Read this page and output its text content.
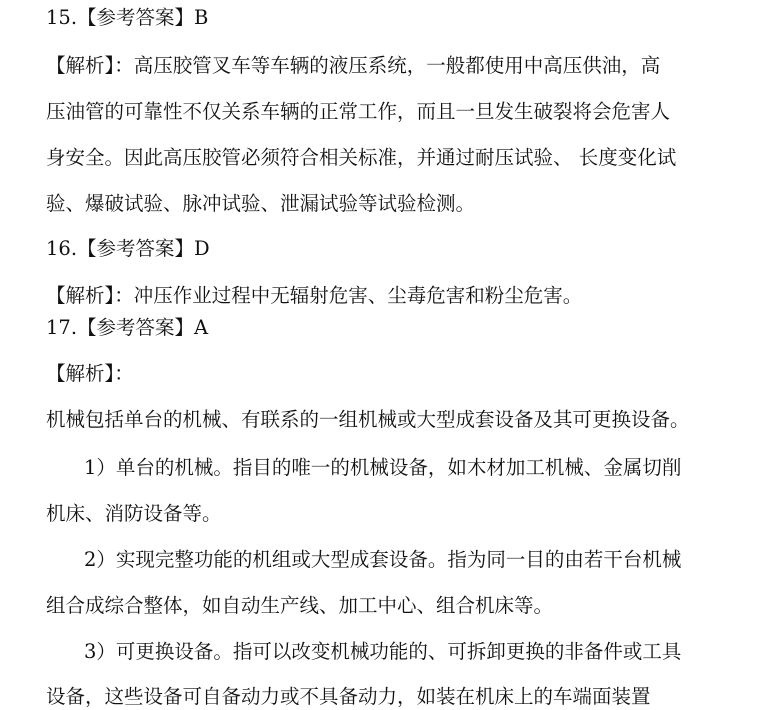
15.【参考答案】B
【解析】：高压胶管叉车等车辆的液压系统，一般都使用中高压供油，高
压油管的可靠性不仅关系车辆的正常工作，而且一旦发生破裂将会危害人
身安全。因此高压胶管必须符合相关标准，并通过耐压试验、 长度变化试
验、爆破试验、脉冲试验、泄漏试验等试验检测。
16.【参考答案】D
【解析】：冲压作业过程中无辐射危害、尘毒危害和粉尘危害。
17.【参考答案】A
【解析】：
机械包括单台的机械、有联系的一组机械或大型成套设备及其可更换设备。
1）单台的机械。指目的唯一的机械设备，如木材加工机械、金属切削
机床、消防设备等。
2）实现完整功能的机组或大型成套设备。指为同一目的由若干台机械
组合成综合整体，如自动生产线、加工中心、组合机床等。
3）可更换设备。指可以改变机械功能的、可拆卸更换的非备件或工具
设备，这些设备可自备动力或不具备动力，如装在机床上的车端面装置
